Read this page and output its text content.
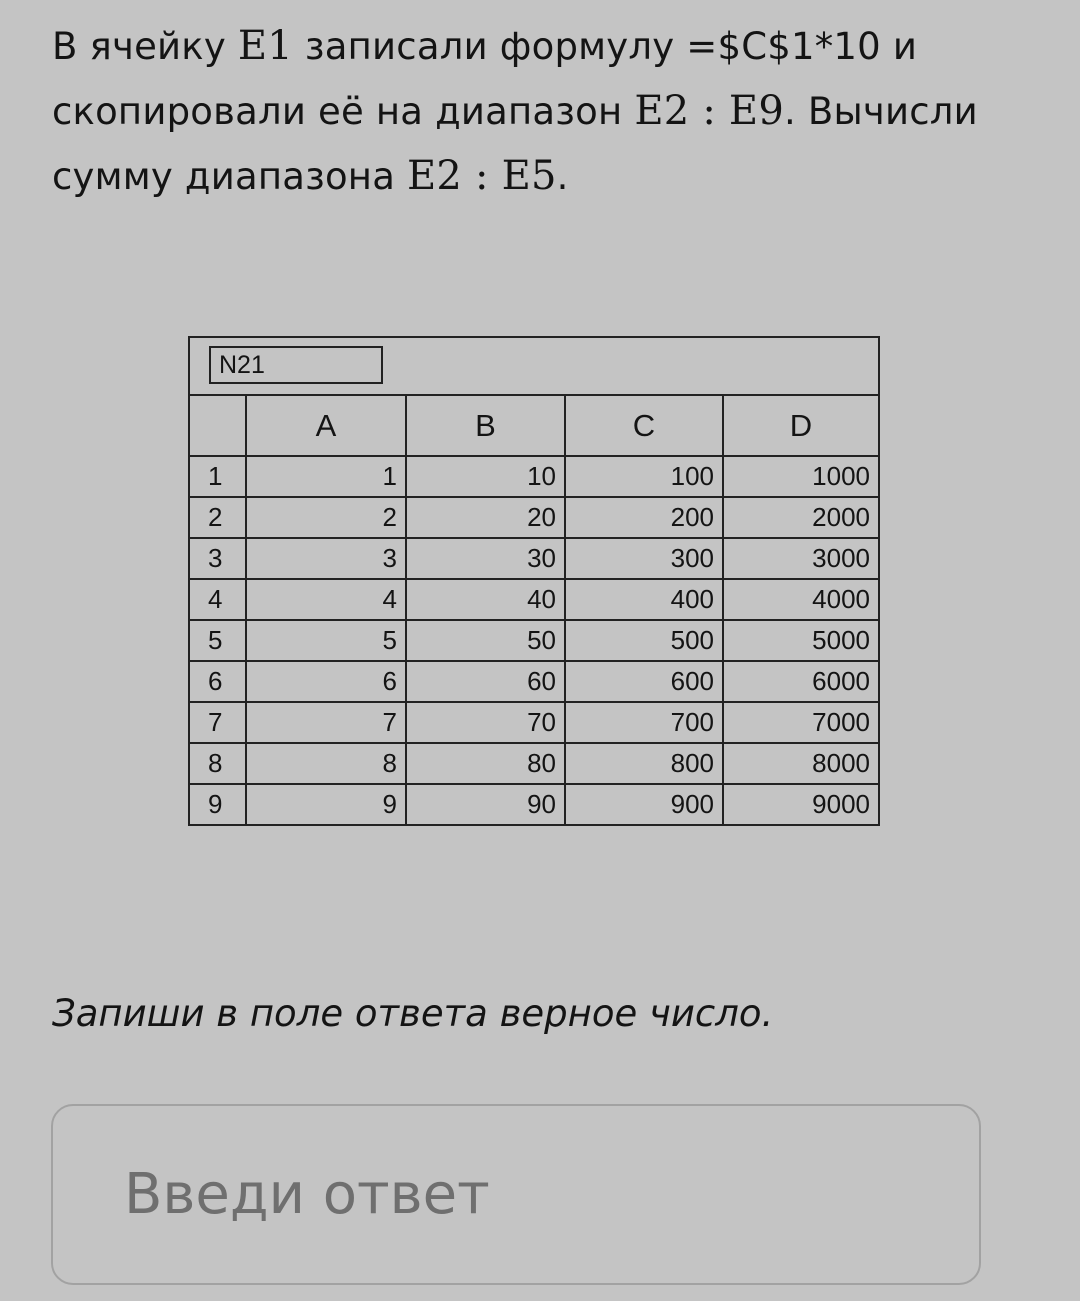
В ячейку E1 записали формулу =$C$1*10 и

скопировали её на диапазон E2 : E9. Вычисли

сумму диапазона E2 : E5.

N21
	A	B	C	D
1	1	10	100	1000
2	2	20	200	2000
3	3	30	300	3000
4	4	40	400	4000
5	5	50	500	5000
6	6	60	600	6000
7	7	70	700	7000
8	8	80	800	8000
9	9	90	900	9000

Запиши в поле ответа верное число.

Введи ответ
